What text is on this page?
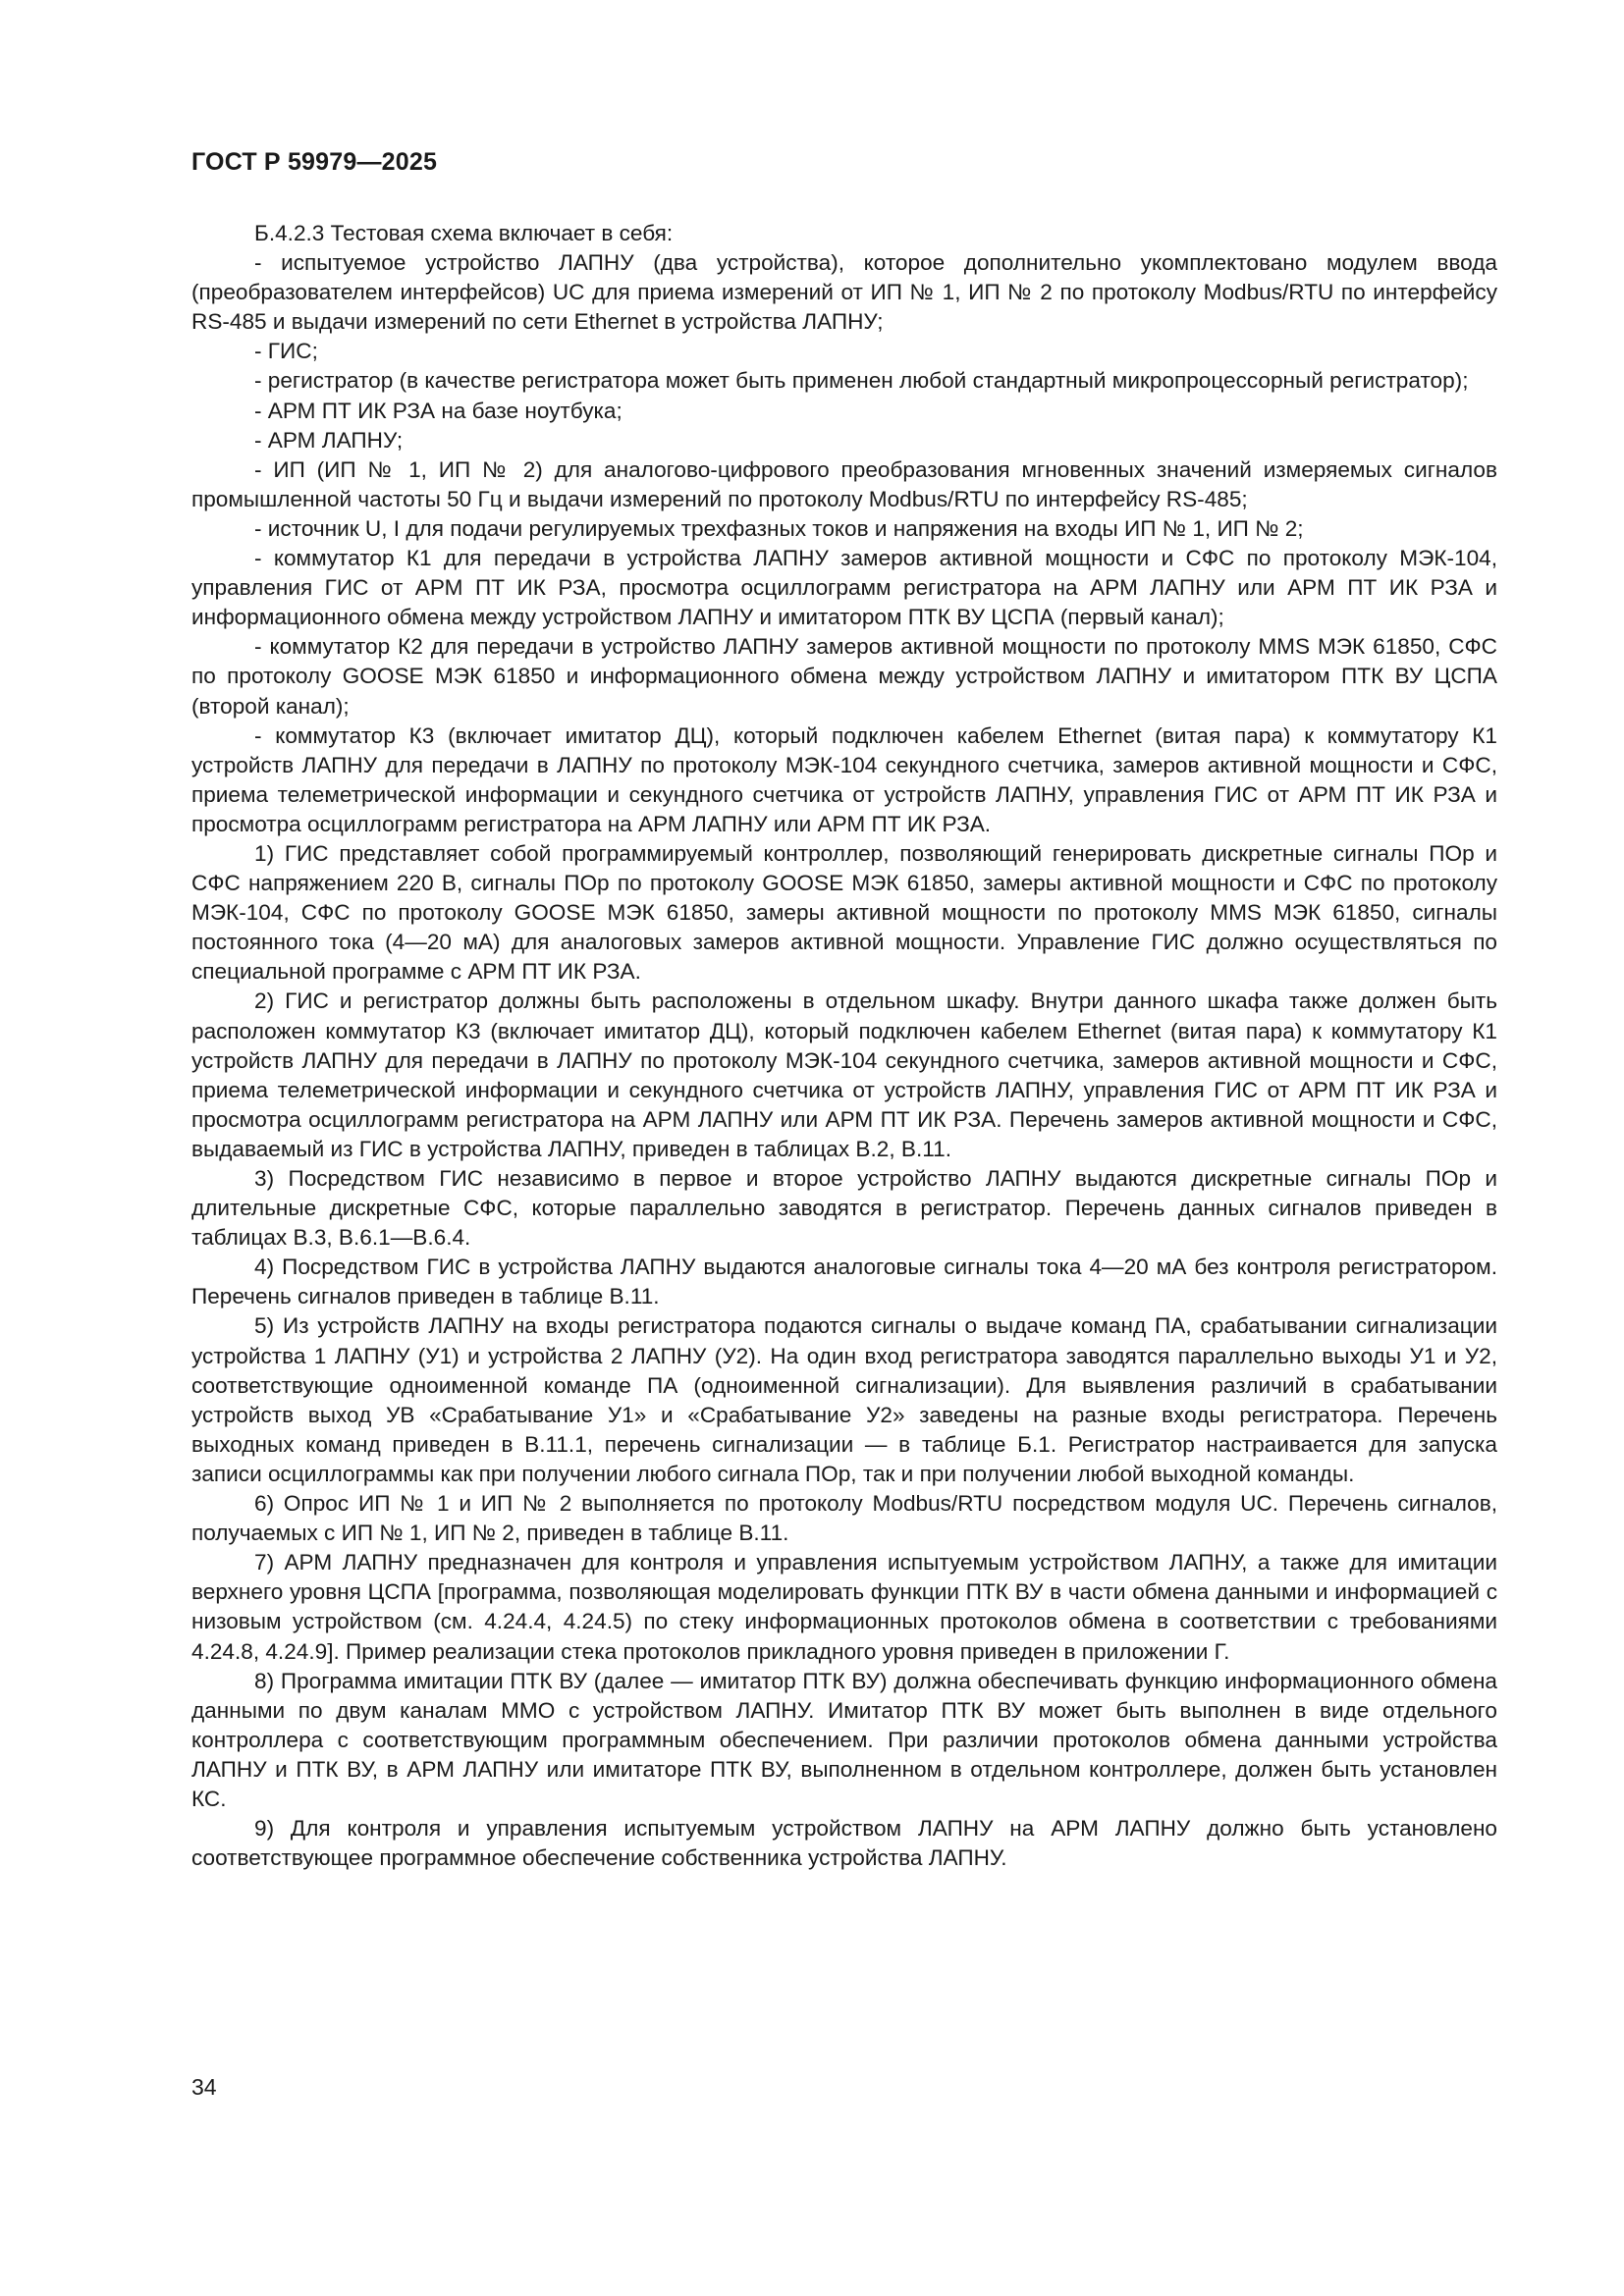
ГОСТ Р 59979—2025

Б.4.2.3 Тестовая схема включает в себя:

- испытуемое устройство ЛАПНУ (два устройства), которое дополнительно укомплектовано модулем ввода (преобразователем интерфейсов) UC для приема измерений от ИП № 1, ИП № 2 по протоколу Modbus/RTU по интерфейсу RS-485 и выдачи измерений по сети Ethernet в устройства ЛАПНУ;

- ГИС;

- регистратор (в качестве регистратора может быть применен любой стандартный микропроцессорный регистратор);

- АРМ ПТ ИК РЗА на базе ноутбука;

- АРМ ЛАПНУ;

- ИП (ИП № 1, ИП № 2) для аналогово-цифрового преобразования мгновенных значений измеряемых сигналов промышленной частоты 50 Гц и выдачи измерений по протоколу Modbus/RTU по интерфейсу RS-485;

- источник U, I для подачи регулируемых трехфазных токов и напряжения на входы ИП № 1, ИП № 2;

- коммутатор К1 для передачи в устройства ЛАПНУ замеров активной мощности и СФС по протоколу МЭК-104, управления ГИС от АРМ ПТ ИК РЗА, просмотра осциллограмм регистратора на АРМ ЛАПНУ или АРМ ПТ ИК РЗА и информационного обмена между устройством ЛАПНУ и имитатором ПТК ВУ ЦСПА (первый канал);

- коммутатор К2 для передачи в устройство ЛАПНУ замеров активной мощности по протоколу MMS МЭК 61850, СФС по протоколу GOOSE МЭК 61850 и информационного обмена между устройством ЛАПНУ и имитатором ПТК ВУ ЦСПА (второй канал);

- коммутатор К3 (включает имитатор ДЦ), который подключен кабелем Ethernet (витая пара) к коммутатору К1 устройств ЛАПНУ для передачи в ЛАПНУ по протоколу МЭК-104 секундного счетчика, замеров активной мощности и СФС, приема телеметрической информации и секундного счетчика от устройств ЛАПНУ, управления ГИС от АРМ ПТ ИК РЗА и просмотра осциллограмм регистратора на АРМ ЛАПНУ или АРМ ПТ ИК РЗА.

1) ГИС представляет собой программируемый контроллер, позволяющий генерировать дискретные сигналы ПОр и СФС напряжением 220 В, сигналы ПОр по протоколу GOOSE МЭК 61850, замеры активной мощности и СФС по протоколу МЭК-104, СФС по протоколу GOOSE МЭК 61850, замеры активной мощности по протоколу MMS МЭК 61850, сигналы постоянного тока (4—20 мА) для аналоговых замеров активной мощности. Управление ГИС должно осуществляться по специальной программе с АРМ ПТ ИК РЗА.

2) ГИС и регистратор должны быть расположены в отдельном шкафу. Внутри данного шкафа также должен быть расположен коммутатор К3 (включает имитатор ДЦ), который подключен кабелем Ethernet (витая пара) к коммутатору К1 устройств ЛАПНУ для передачи в ЛАПНУ по протоколу МЭК-104 секундного счетчика, замеров активной мощности и СФС, приема телеметрической информации и секундного счетчика от устройств ЛАПНУ, управления ГИС от АРМ ПТ ИК РЗА и просмотра осциллограмм регистратора на АРМ ЛАПНУ или АРМ ПТ ИК РЗА. Перечень замеров активной мощности и СФС, выдаваемый из ГИС в устройства ЛАПНУ, приведен в таблицах В.2, В.11.

3) Посредством ГИС независимо в первое и второе устройство ЛАПНУ выдаются дискретные сигналы ПОр и длительные дискретные СФС, которые параллельно заводятся в регистратор. Перечень данных сигналов приведен в таблицах В.3, В.6.1—В.6.4.

4) Посредством ГИС в устройства ЛАПНУ выдаются аналоговые сигналы тока 4—20 мА без контроля регистратором. Перечень сигналов приведен в таблице В.11.

5) Из устройств ЛАПНУ на входы регистратора подаются сигналы о выдаче команд ПА, срабатывании сигнализации устройства 1 ЛАПНУ (У1) и устройства 2 ЛАПНУ (У2). На один вход регистратора заводятся параллельно выходы У1 и У2, соответствующие одноименной команде ПА (одноименной сигнализации). Для выявления различий в срабатывании устройств выход УВ «Срабатывание У1» и «Срабатывание У2» заведены на разные входы регистратора. Перечень выходных команд приведен в В.11.1, перечень сигнализации — в таблице Б.1. Регистратор настраивается для запуска записи осциллограммы как при получении любого сигнала ПОр, так и при получении любой выходной команды.

6) Опрос ИП № 1 и ИП № 2 выполняется по протоколу Modbus/RTU посредством модуля UC. Перечень сигналов, получаемых с ИП № 1, ИП № 2, приведен в таблице В.11.

7) АРМ ЛАПНУ предназначен для контроля и управления испытуемым устройством ЛАПНУ, а также для имитации верхнего уровня ЦСПА [программа, позволяющая моделировать функции ПТК ВУ в части обмена данными и информацией с низовым устройством (см. 4.24.4, 4.24.5) по стеку информационных протоколов обмена в соответствии с требованиями 4.24.8, 4.24.9]. Пример реализации стека протоколов прикладного уровня приведен в приложении Г.

8) Программа имитации ПТК ВУ (далее — имитатор ПТК ВУ) должна обеспечивать функцию информационного обмена данными по двум каналам ММО с устройством ЛАПНУ. Имитатор ПТК ВУ может быть выполнен в виде отдельного контроллера с соответствующим программным обеспечением. При различии протоколов обмена данными устройства ЛАПНУ и ПТК ВУ, в АРМ ЛАПНУ или имитаторе ПТК ВУ, выполненном в отдельном контроллере, должен быть установлен КС.

9) Для контроля и управления испытуемым устройством ЛАПНУ на АРМ ЛАПНУ должно быть установлено соответствующее программное обеспечение собственника устройства ЛАПНУ.

34
